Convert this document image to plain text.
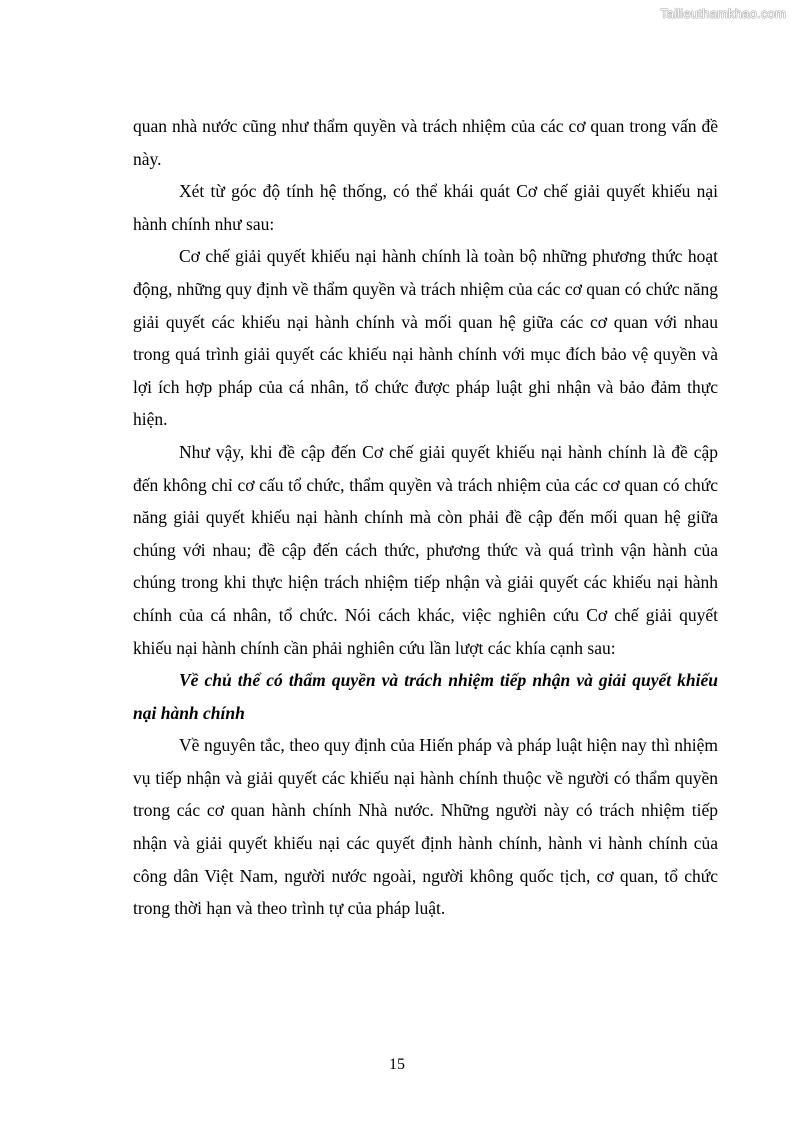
Tailieuthamkhao.com

quan nhà nước cũng như thẩm quyền và trách nhiệm của các cơ quan trong vấn đề này.

Xét từ góc độ tính hệ thống, có thể khái quát Cơ chế giải quyết khiếu nại hành chính như sau:

Cơ chế giải quyết khiếu nại hành chính là toàn bộ những phương thức hoạt động, những quy định về thẩm quyền và trách nhiệm của các cơ quan có chức năng giải quyết các khiếu nại hành chính và mối quan hệ giữa các cơ quan với nhau trong quá trình giải quyết các khiếu nại hành chính với mục đích bảo vệ quyền và lợi ích hợp pháp của cá nhân, tổ chức được pháp luật ghi nhận và bảo đảm thực hiện.

Như vậy, khi đề cập đến Cơ chế giải quyết khiếu nại hành chính là đề cập đến không chỉ cơ cấu tổ chức, thẩm quyền và trách nhiệm của các cơ quan có chức năng giải quyết khiếu nại hành chính mà còn phải đề cập đến mối quan hệ giữa chúng với nhau; đề cập đến cách thức, phương thức và quá trình vận hành của chúng trong khi thực hiện trách nhiệm tiếp nhận và giải quyết các khiếu nại hành chính của cá nhân, tổ chức. Nói cách khác, việc nghiên cứu Cơ chế giải quyết khiếu nại hành chính cần phải nghiên cứu lần lượt các khía cạnh sau:

Về chủ thể có thẩm quyền và trách nhiệm tiếp nhận và giải quyết khiếu nại hành chính

Về nguyên tắc, theo quy định của Hiến pháp và pháp luật hiện nay thì nhiệm vụ tiếp nhận và giải quyết các khiếu nại hành chính thuộc về người có thẩm quyền trong các cơ quan hành chính Nhà nước. Những người này có trách nhiệm tiếp nhận và giải quyết khiếu nại các quyết định hành chính, hành vi hành chính của công dân Việt Nam, người nước ngoài, người không quốc tịch, cơ quan, tổ chức trong thời hạn và theo trình tự của pháp luật.

15
